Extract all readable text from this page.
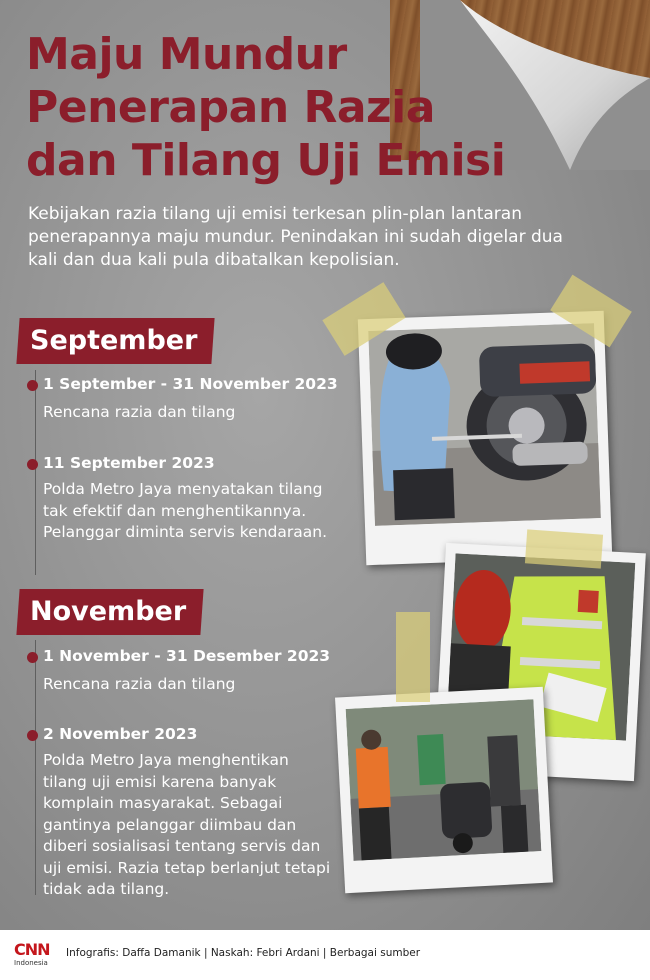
Maju Mundur
Penerapan Razia
dan Tilang Uji Emisi

Kebijakan razia tilang uji emisi terkesan plin-plan lantaran penerapannya maju mundur. Penindakan ini sudah digelar dua kali dan dua kali pula dibatalkan kepolisian.

September

1 September - 31 November 2023

Rencana razia dan tilang

11 September 2023

Polda Metro Jaya menyatakan tilang tak efektif dan menghentikannya. Pelanggar diminta servis kendaraan.

November

1 November - 31 Desember 2023

Rencana razia dan tilang

2 November 2023

Polda Metro Jaya menghentikan tilang uji emisi karena banyak komplain masyarakat. Sebagai gantinya pelanggar diimbau dan diberi sosialisasi tentang servis dan uji emisi. Razia tetap berlanjut tetapi tidak ada tilang.

CNN
Indonesia
Infografis: Daffa Damanik | Naskah: Febri Ardani | Berbagai sumber
